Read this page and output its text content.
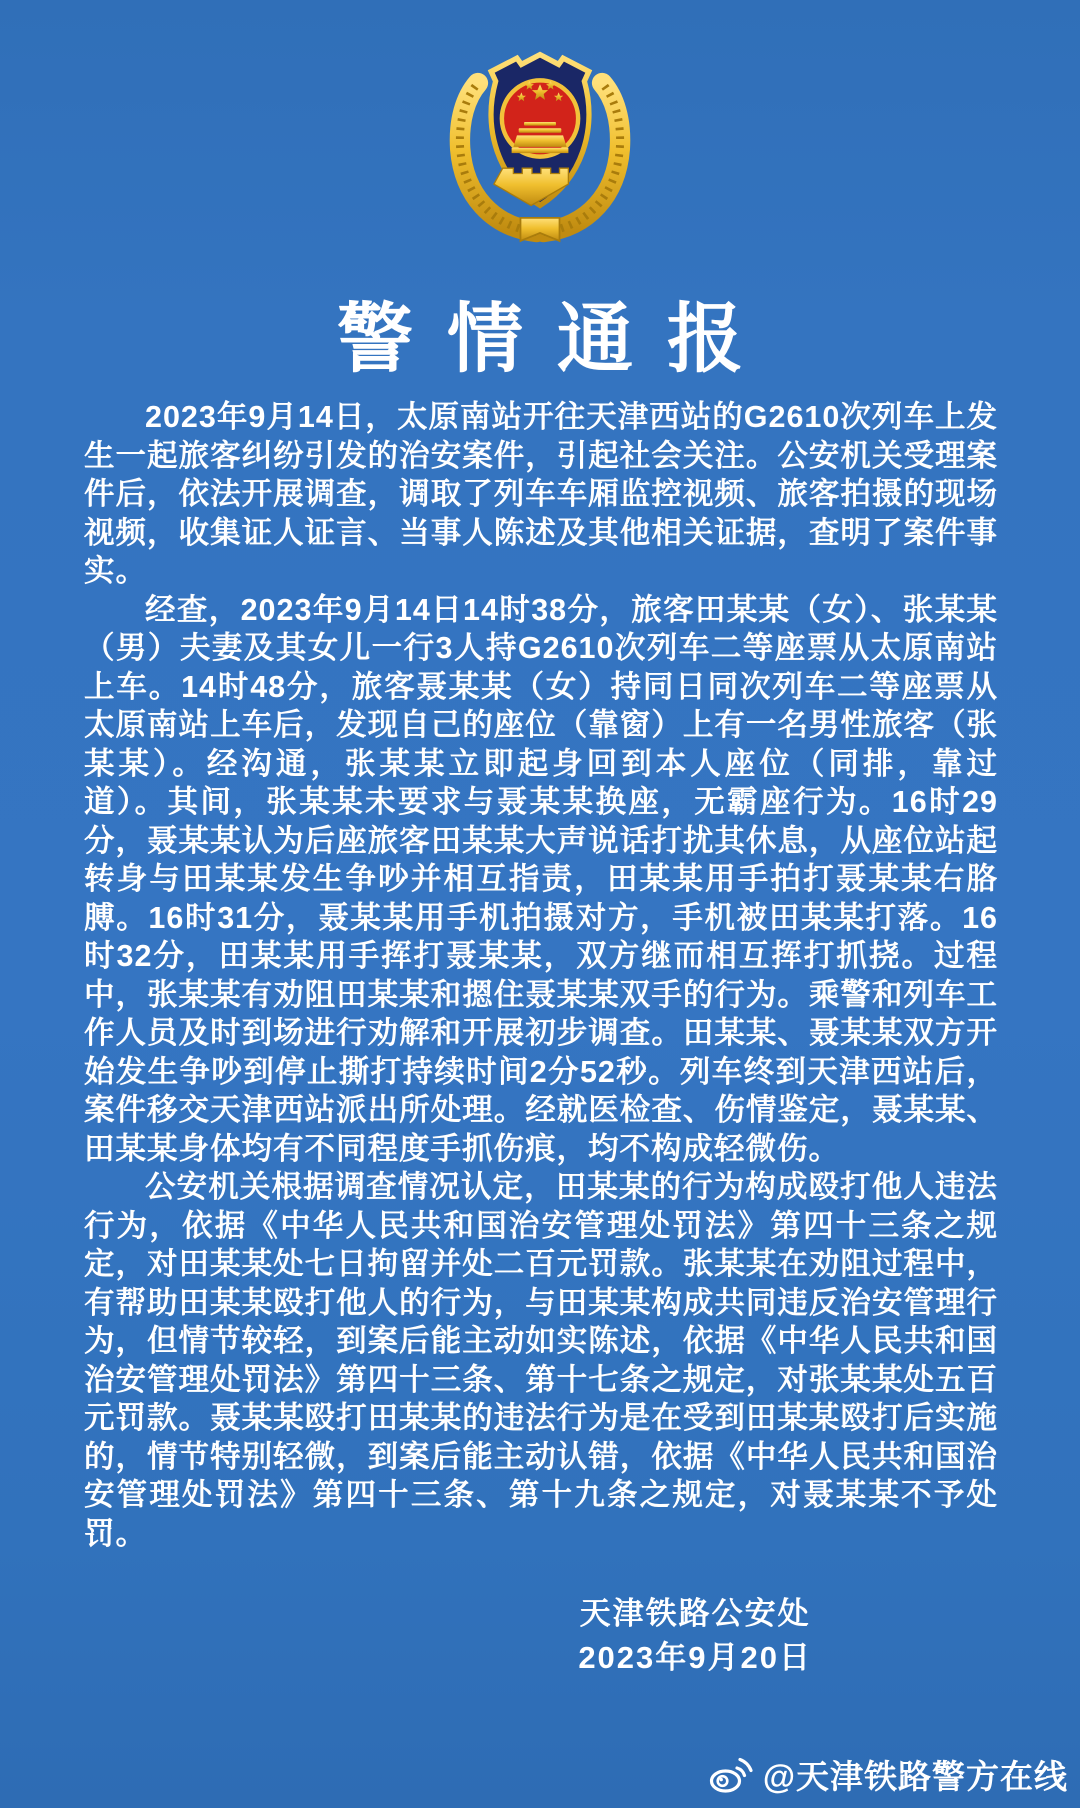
警情通报

2023年9月14日，太原南站开往天津西站的G2610次列车上发生一起旅客纠纷引发的治安案件，引起社会关注。公安机关受理案件后，依法开展调查，调取了列车车厢监控视频、旅客拍摄的现场视频，收集证人证言、当事人陈述及其他相关证据，查明了案件事实。

经查，2023年9月14日14时38分，旅客田某某（女）、张某某（男）夫妻及其女儿一行3人持G2610次列车二等座票从太原南站上车。14时48分，旅客聂某某（女）持同日同次列车二等座票从太原南站上车后，发现自己的座位（靠窗）上有一名男性旅客（张某某）。经沟通，张某某立即起身回到本人座位（同排，靠过道）。其间，张某某未要求与聂某某换座，无霸座行为。16时29分，聂某某认为后座旅客田某某大声说话打扰其休息，从座位站起转身与田某某发生争吵并相互指责，田某某用手拍打聂某某右胳膊。16时31分，聂某某用手机拍摄对方，手机被田某某打落。16时32分，田某某用手挥打聂某某，双方继而相互挥打抓挠。过程中，张某某有劝阻田某某和摁住聂某某双手的行为。乘警和列车工作人员及时到场进行劝解和开展初步调查。田某某、聂某某双方开始发生争吵到停止撕打持续时间2分52秒。列车终到天津西站后，案件移交天津西站派出所处理。经就医检查、伤情鉴定，聂某某、田某某身体均有不同程度手抓伤痕，均不构成轻微伤。

公安机关根据调查情况认定，田某某的行为构成殴打他人违法行为，依据《中华人民共和国治安管理处罚法》第四十三条之规定，对田某某处七日拘留并处二百元罚款。张某某在劝阻过程中，有帮助田某某殴打他人的行为，与田某某构成共同违反治安管理行为，但情节较轻，到案后能主动如实陈述，依据《中华人民共和国治安管理处罚法》第四十三条、第十七条之规定，对张某某处五百元罚款。聂某某殴打田某某的违法行为是在受到田某某殴打后实施的，情节特别轻微，到案后能主动认错，依据《中华人民共和国治安管理处罚法》第四十三条、第十九条之规定，对聂某某不予处罚。

天津铁路公安处
2023年9月20日
@天津铁路警方在线
